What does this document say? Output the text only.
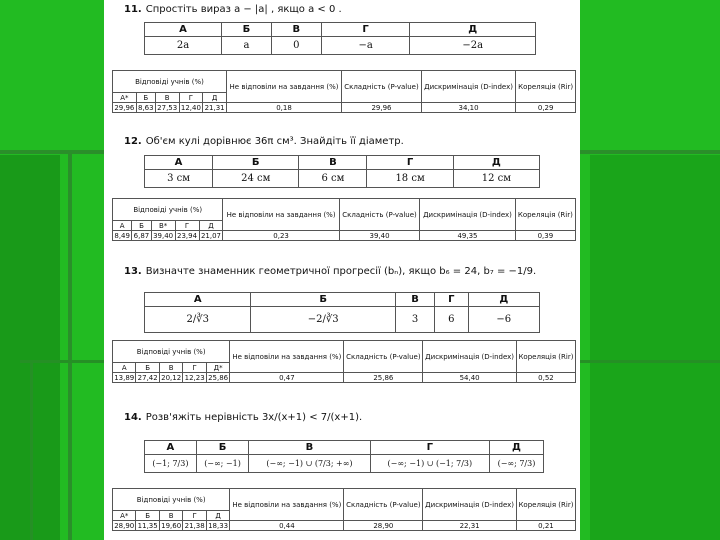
11. Спростіть вираз a − |a| , якщо a < 0 .
А	Б	В	Г	Д
2a	a	0	−a	−2a
Відповіді учнів (%)					Не відповіли на завдання (%)	Складність (P-value)	Дискримінація (D-index)	Кореляція (Rir)
А*	Б	В	Г	Д				
29,96	8,63	27,53	12,40	21,31	0,18	29,96	34,10	0,29
12. Об'єм кулі дорівнює 36π см³. Знайдіть її діаметр.
А	Б	В	Г	Д
3 см	24 см	6 см	18 см	12 см
Відповіді учнів (%)					Не відповіли на завдання (%)	Складність (P-value)	Дискримінація (D-index)	Кореляція (Rir)
А	Б	В*	Г	Д				
8,49	6,87	39,40	23,94	21,07	0,23	39,40	49,35	0,39
13. Визначте знаменник геометричної прогресії (bₙ), якщо b₆ = 24, b₇ = −1/9.
А	Б	В	Г	Д
2/∛3	−2/∛3	3	6	−6
Відповіді учнів (%)					Не відповіли на завдання (%)	Складність (P-value)	Дискримінація (D-index)	Кореляція (Rir)
А	Б	В	Г	Д*				
13,89	27,42	20,12	12,23	25,86	0,47	25,86	54,40	0,52
14. Розв'яжіть нерівність 3x/(x+1) < 7/(x+1).
А	Б	В	Г	Д
(−1; 7/3)	(−∞; −1)	(−∞; −1) ∪ (7/3; +∞)	(−∞; −1) ∪ (−1; 7/3)	(−∞; 7/3)
Відповіді учнів (%)					Не відповіли на завдання (%)	Складність (P-value)	Дискримінація (D-index)	Кореляція (Rir)
А*	Б	В	Г	Д				
28,90	11,35	19,60	21,38	18,33	0,44	28,90	22,31	0,21
